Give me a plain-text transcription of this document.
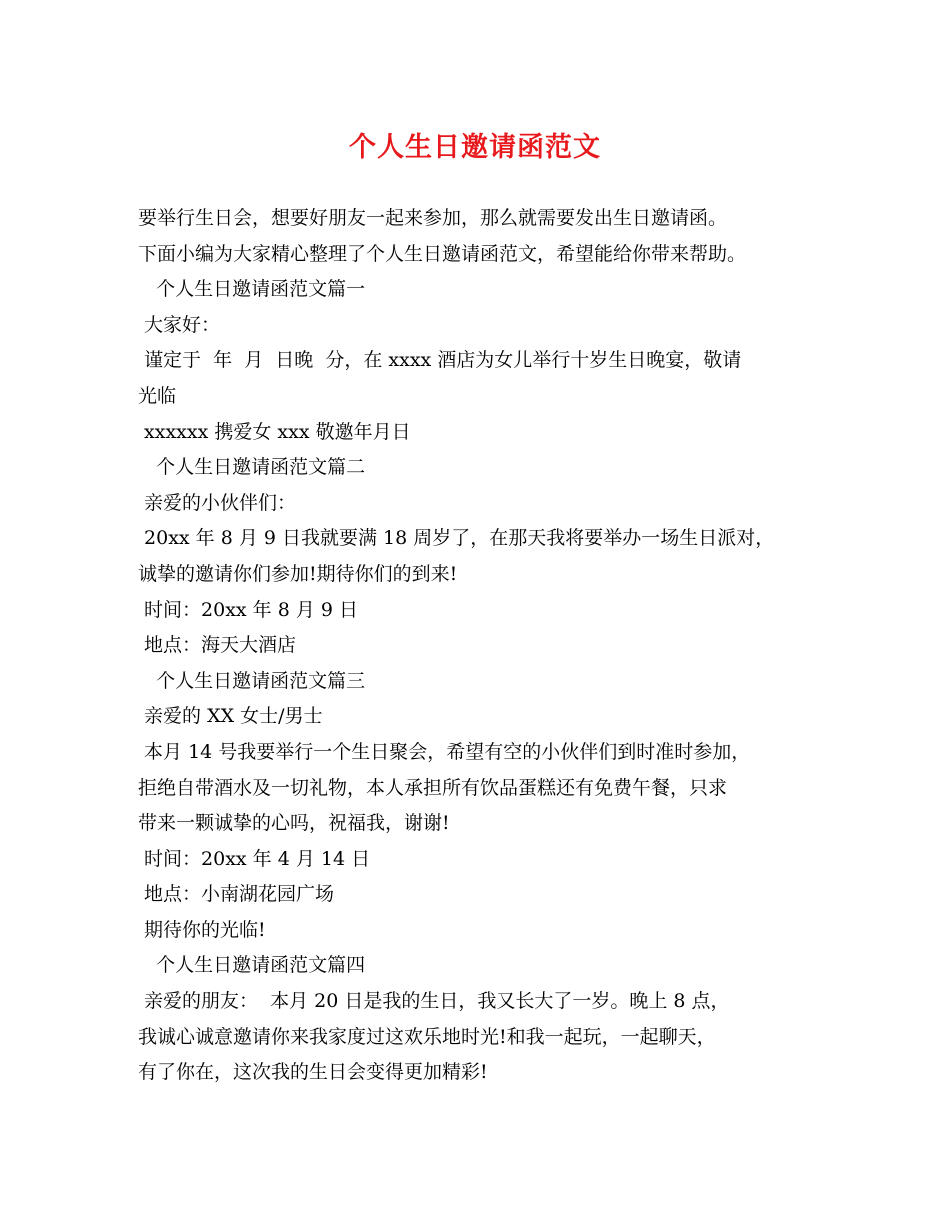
个人生日邀请函范文
要举行生日会，想要好朋友一起来参加，那么就需要发出生日邀请函。
下面小编为大家精心整理了个人生日邀请函范文，希望能给你带来帮助。
个人生日邀请函范文篇一
大家好：
谨定于  年  月  日晚  分，在 xxxx 酒店为女儿举行十岁生日晚宴，敬请
光临
xxxxxx 携爱女 xxx 敬邀年月日
个人生日邀请函范文篇二
亲爱的小伙伴们：
20xx 年 8 月 9 日我就要满 18 周岁了，在那天我将要举办一场生日派对，
诚挚的邀请你们参加!期待你们的到来!
时间：20xx 年 8 月 9 日
地点：海天大酒店
个人生日邀请函范文篇三
亲爱的 XX 女士/男士
本月 14 号我要举行一个生日聚会，希望有空的小伙伴们到时准时参加，
拒绝自带酒水及一切礼物，本人承担所有饮品蛋糕还有免费午餐，只求
带来一颗诚挚的心吗，祝福我，谢谢!
时间：20xx 年 4 月 14 日
地点：小南湖花园广场
期待你的光临!
个人生日邀请函范文篇四
亲爱的朋友：  本月 20 日是我的生日，我又长大了一岁。晚上 8 点，
我诚心诚意邀请你来我家度过这欢乐地时光!和我一起玩，一起聊天，
有了你在，这次我的生日会变得更加精彩!
